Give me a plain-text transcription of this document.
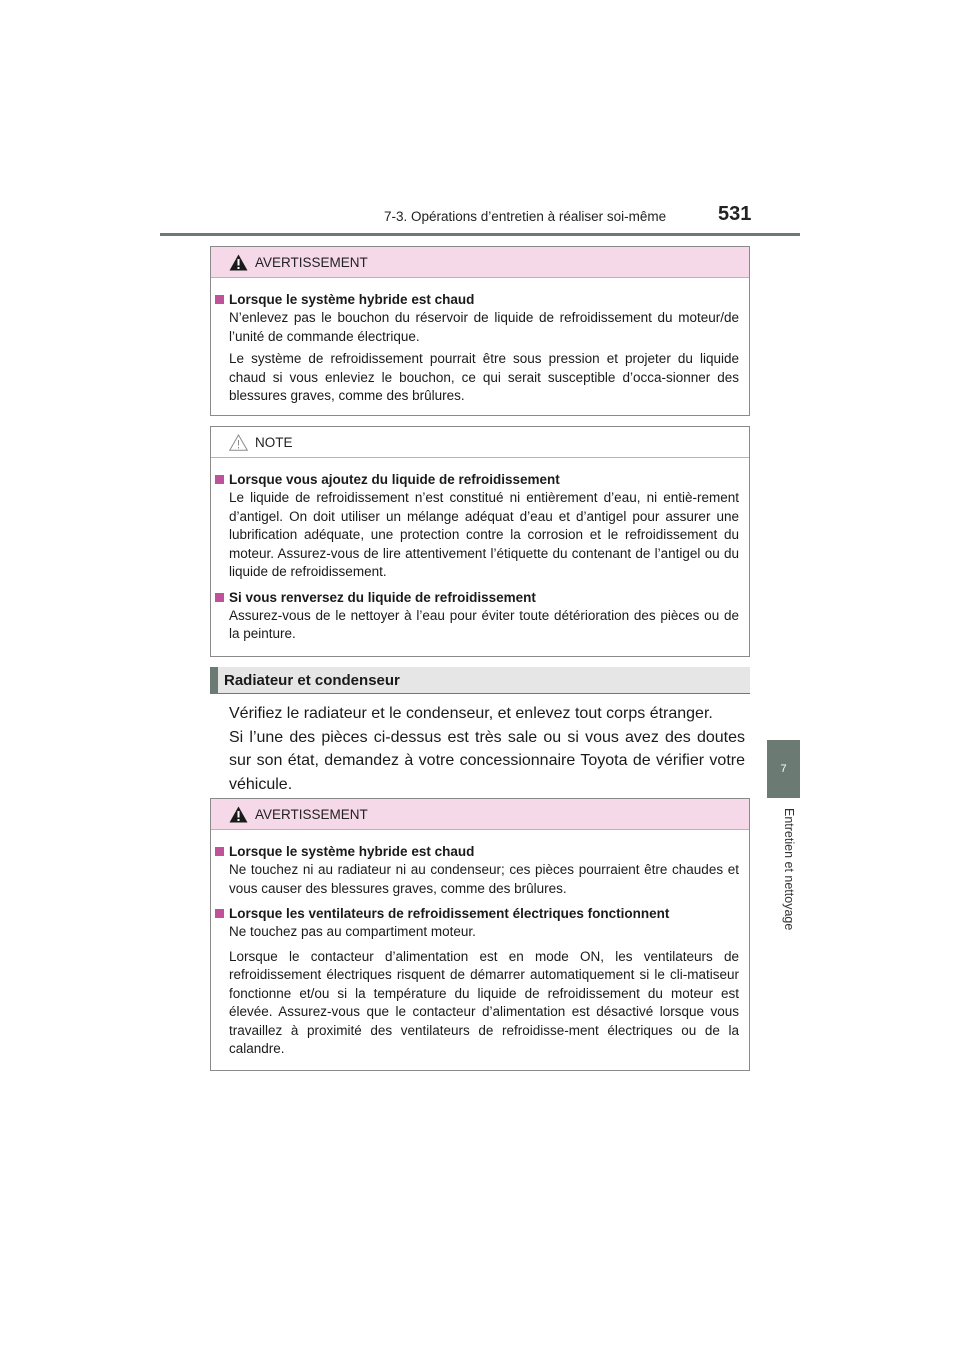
7-3. Opérations d’entretien à réaliser soi-même	531
7
Entretien et nettoyage
AVERTISSEMENT
Lorsque le système hybride est chaud
N’enlevez pas le bouchon du réservoir de liquide de refroidissement du moteur/de l’unité de commande électrique.
Le système de refroidissement pourrait être sous pression et projeter du liquide chaud si vous enleviez le bouchon, ce qui serait susceptible d’occa-sionner des blessures graves, comme des brûlures.
NOTE
Lorsque vous ajoutez du liquide de refroidissement
Le liquide de refroidissement n’est constitué ni entièrement d’eau, ni entiè-rement d’antigel. On doit utiliser un mélange adéquat d’eau et d’antigel pour assurer une lubrification adéquate, une protection contre la corrosion et le refroidissement du moteur. Assurez-vous de lire attentivement l’étiquette du contenant de l’antigel ou du liquide de refroidissement.
Si vous renversez du liquide de refroidissement
Assurez-vous de le nettoyer à l’eau pour éviter toute détérioration des pièces ou de la peinture.
Radiateur et condenseur

Vérifiez le radiateur et le condenseur, et enlevez tout corps étranger.

Si l’une des pièces ci-dessus est très sale ou si vous avez des doutes sur son état, demandez à votre concessionnaire Toyota de vérifier votre véhicule.

AVERTISSEMENT
Lorsque le système hybride est chaud
Ne touchez ni au radiateur ni au condenseur; ces pièces pourraient être chaudes et vous causer des blessures graves, comme des brûlures.
Lorsque les ventilateurs de refroidissement électriques fonctionnent
Ne touchez pas au compartiment moteur.
Lorsque le contacteur d’alimentation est en mode ON, les ventilateurs de refroidissement électriques risquent de démarrer automatiquement si le cli-matiseur fonctionne et/ou si la température du liquide de refroidissement du moteur est élevée. Assurez-vous que le contacteur d’alimentation est désactivé lorsque vous travaillez à proximité des ventilateurs de refroidisse-ment électriques ou de la calandre.
